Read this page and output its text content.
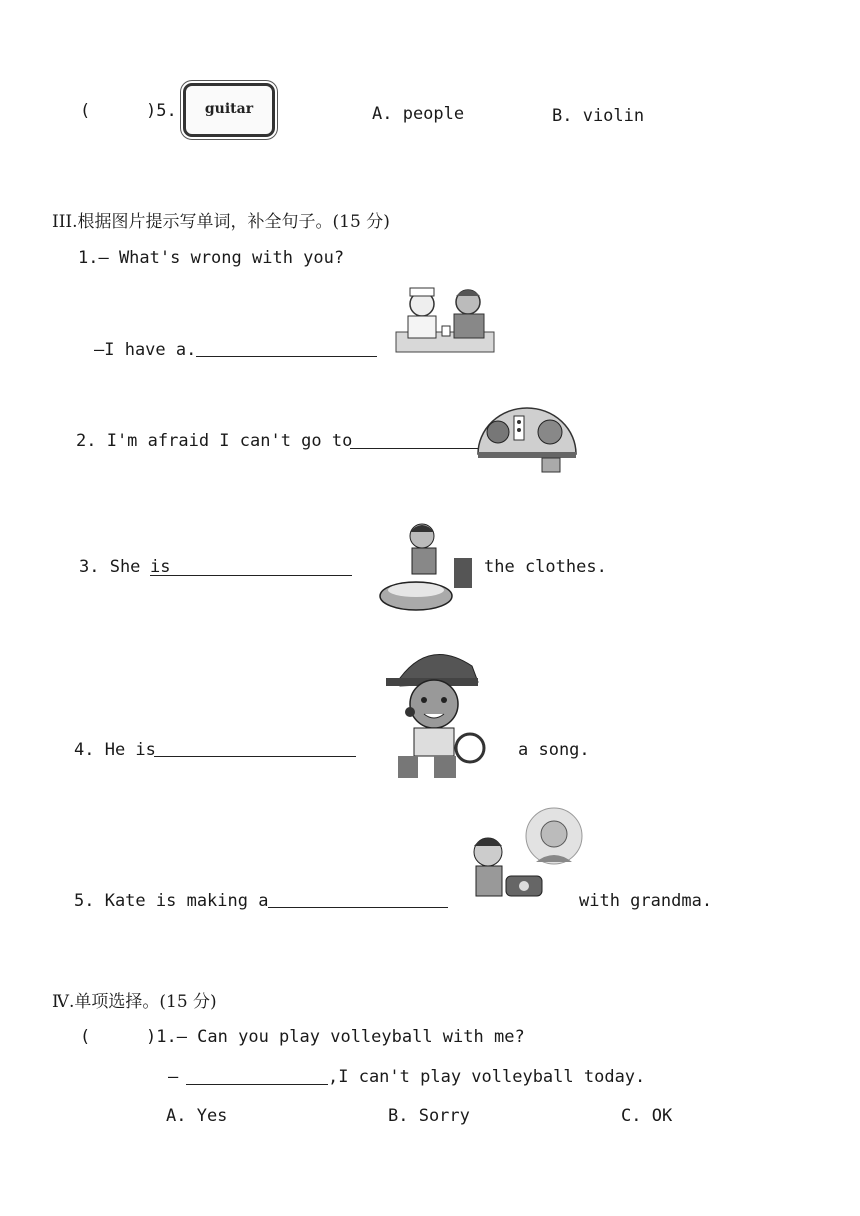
(	)5.	guitar	A. people	B. violin
III.根据图片提示写单词，补全句子。(15 分)
1.— What's wrong with you?
—I have a.
2. I'm afraid I can't go to
3. She is	the clothes.
4. He is	a song.
5. Kate is making a	with grandma.
Ⅳ.单项选择。(15 分)
(	)1.— Can you play volleyball with me?
—	,I can't play volleyball today.
A. Yes	B. Sorry	C. OK
